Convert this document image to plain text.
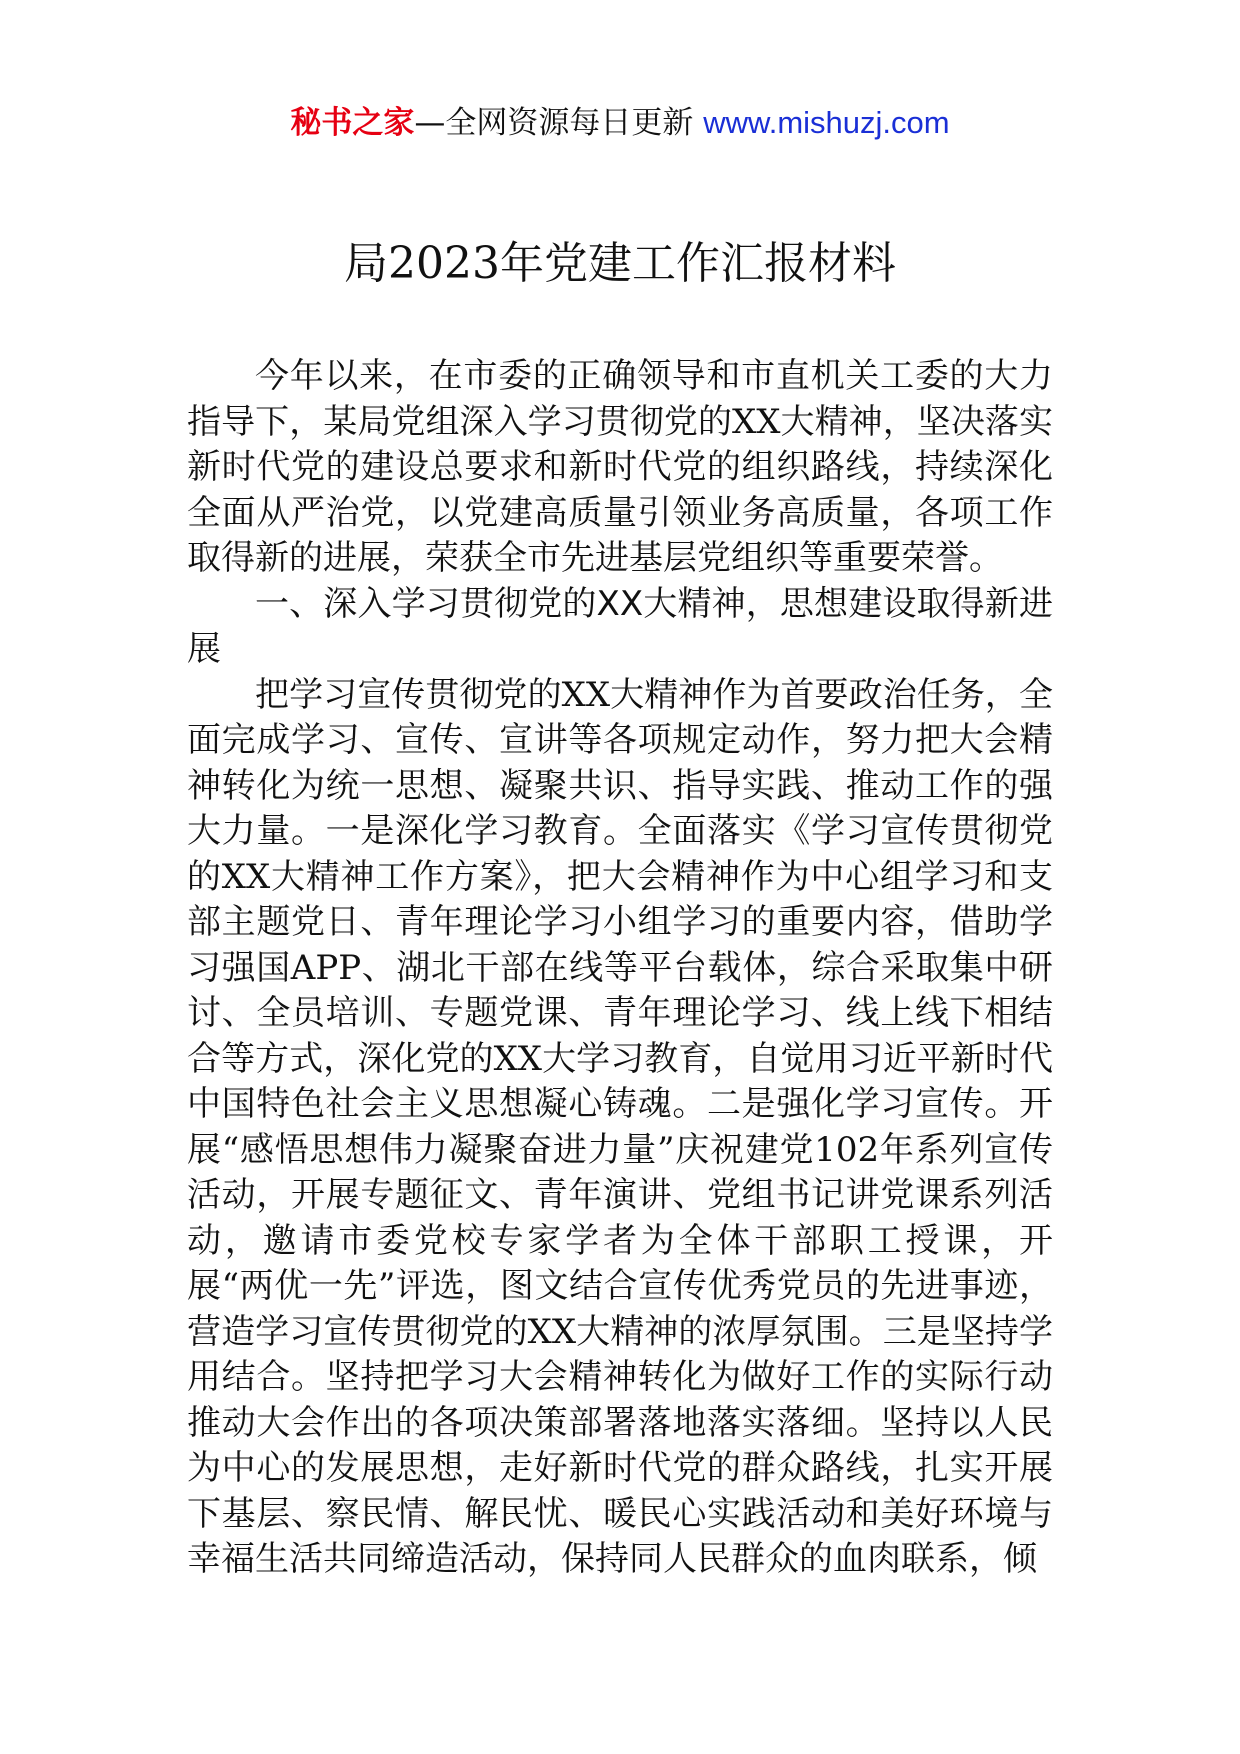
秘书之家—全网资源每日更新 www.mishuzj.com
局2023年党建工作汇报材料

今年以来，在市委的正确领导和市直机关工委的大力指导下，某局党组深入学习贯彻党的XX大精神，坚决落实新时代党的建设总要求和新时代党的组织路线，持续深化全面从严治党，以党建高质量引领业务高质量，各项工作取得新的进展，荣获全市先进基层党组织等重要荣誉。

一、深入学习贯彻党的XX大精神，思想建设取得新进展

把学习宣传贯彻党的XX大精神作为首要政治任务，全面完成学习、宣传、宣讲等各项规定动作，努力把大会精神转化为统一思想、凝聚共识、指导实践、推动工作的强大力量。一是深化学习教育。全面落实《学习宣传贯彻党的XX大精神工作方案》，把大会精神作为中心组学习和支部主题党日、青年理论学习小组学习的重要内容，借助学习强国APP、湖北干部在线等平台载体，综合采取集中研讨、全员培训、专题党课、青年理论学习、线上线下相结合等方式，深化党的XX大学习教育，自觉用习近平新时代中国特色社会主义思想凝心铸魂。二是强化学习宣传。开展“感悟思想伟力凝聚奋进力量”庆祝建党102年系列宣传活动，开展专题征文、青年演讲、党组书记讲党课系列活动，邀请市委党校专家学者为全体干部职工授课，开展“两优一先”评选，图文结合宣传优秀党员的先进事迹，营造学习宣传贯彻党的XX大精神的浓厚氛围。三是坚持学用结合。坚持把学习大会精神转化为做好工作的实际行动推动大会作出的各项决策部署落地落实落细。坚持以人民为中心的发展思想，走好新时代党的群众路线，扎实开展下基层、察民情、解民忧、暖民心实践活动和美好环境与幸福生活共同缔造活动，保持同人民群众的血肉联系，倾
